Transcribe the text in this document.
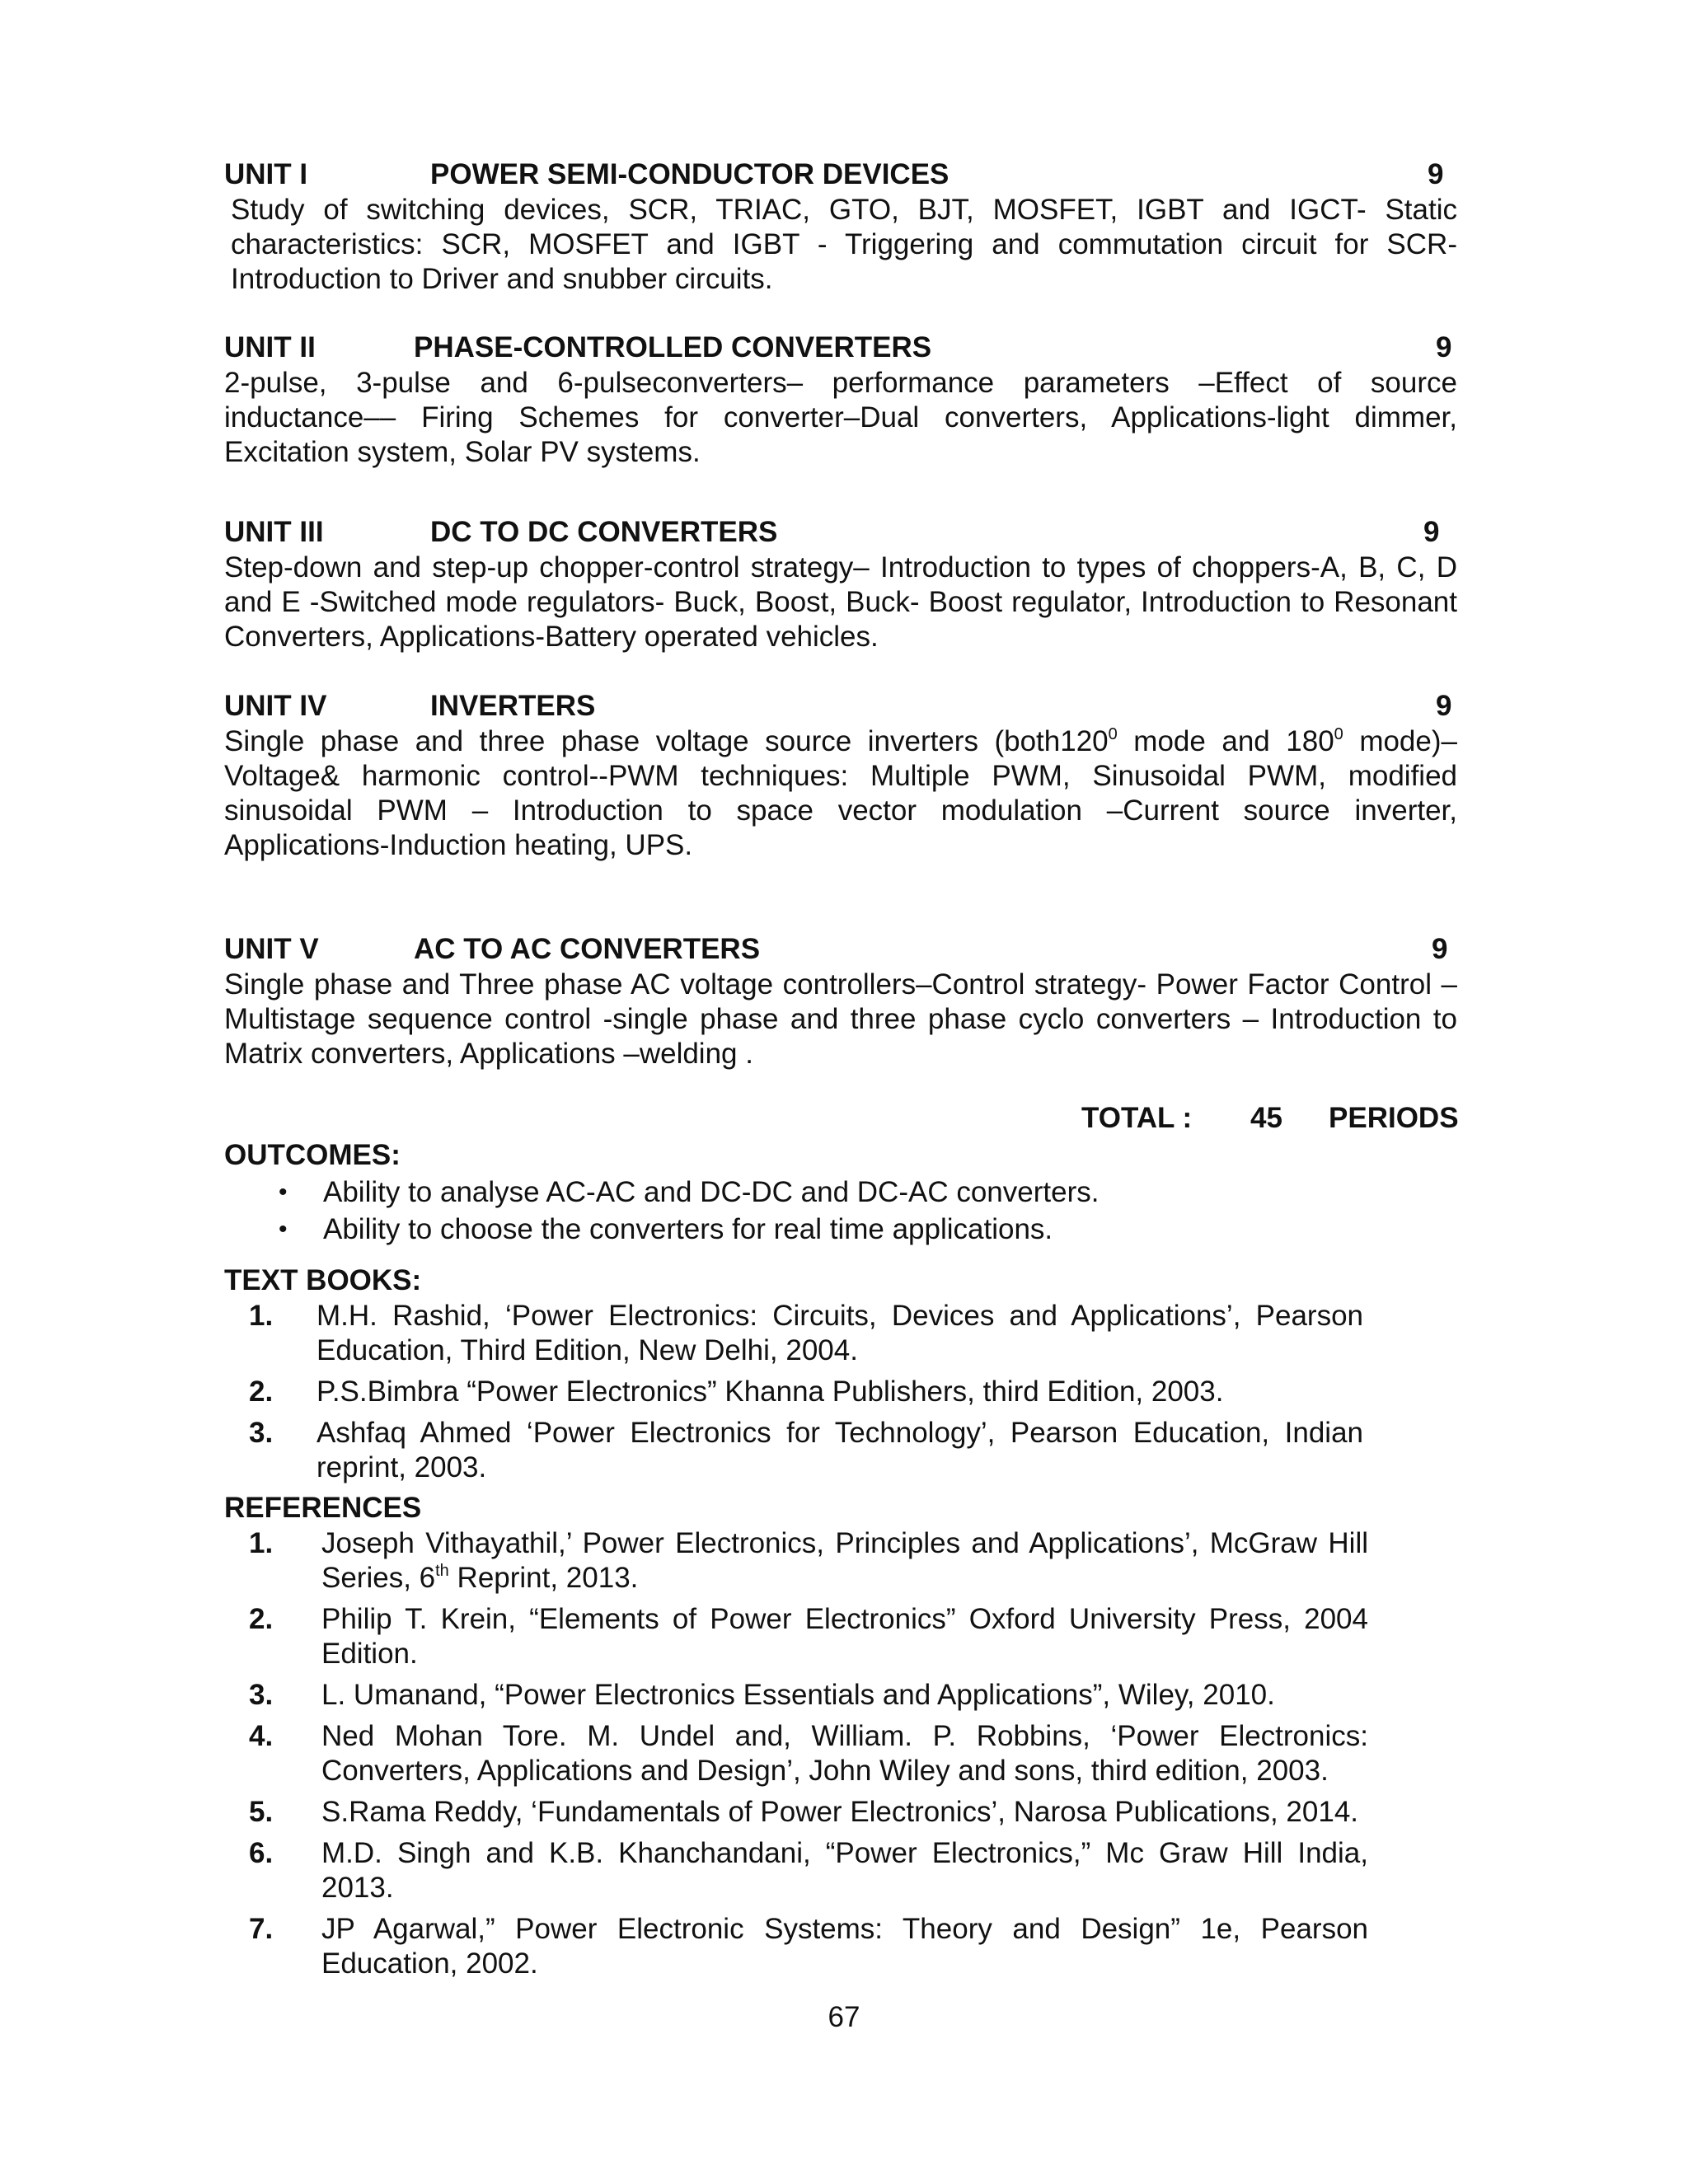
UNIT I	POWER SEMI-CONDUCTOR DEVICES	9
Study of switching devices, SCR, TRIAC, GTO, BJT, MOSFET, IGBT and IGCT- Static characteristics: SCR, MOSFET and IGBT - Triggering and commutation circuit for SCR- Introduction to Driver and snubber circuits.
UNIT II	PHASE-CONTROLLED CONVERTERS	9
2-pulse, 3-pulse and 6-pulseconverters– performance parameters –Effect of source inductance–– Firing Schemes for converter–Dual converters, Applications-light dimmer, Excitation system, Solar PV systems.
UNIT III	DC TO DC CONVERTERS	9
Step-down and step-up chopper-control strategy– Introduction to types of choppers-A, B, C, D and E -Switched mode regulators- Buck, Boost, Buck- Boost regulator, Introduction to Resonant Converters, Applications-Battery operated vehicles.
UNIT IV	INVERTERS	9
Single phase and three phase voltage source inverters ($both120^0$ mode and $180^0$ mode)– Voltage& harmonic control--PWM techniques: Multiple PWM, Sinusoidal PWM, modified sinusoidal PWM – Introduction to space vector modulation –Current source inverter, Applications-Induction heating, UPS.
UNIT V	AC TO AC CONVERTERS	9
Single phase and Three phase AC voltage controllers–Control strategy- Power Factor Control – Multistage sequence control -single phase and three phase cyclo converters – Introduction to Matrix converters, Applications –welding .
TOTAL : 45 PERIODS
OUTCOMES:
• Ability to analyse AC-AC and DC-DC and DC-AC converters.
• Ability to choose the converters for real time applications.
TEXT BOOKS:
1. M.H. Rashid, ‘Power Electronics: Circuits, Devices and Applications’, Pearson Education, Third Edition, New Delhi, 2004.
2. P.S.Bimbra “Power Electronics” Khanna Publishers, third Edition, 2003.
3. Ashfaq Ahmed ‘Power Electronics for Technology’, Pearson Education, Indian reprint, 2003.
REFERENCES
1. Joseph Vithayathil,’ Power Electronics, Principles and Applications’, McGraw Hill Series, 6th Reprint, 2013.
2. Philip T. Krein, “Elements of Power Electronics” Oxford University Press, 2004 Edition.
3. L. Umanand, “Power Electronics Essentials and Applications”, Wiley, 2010.
4. Ned Mohan Tore. M. Undel and, William. P. Robbins, ‘Power Electronics: Converters, Applications and Design’, John Wiley and sons, third edition, 2003.
5. S.Rama Reddy, ‘Fundamentals of Power Electronics’, Narosa Publications, 2014.
6. M.D. Singh and K.B. Khanchandani, “Power Electronics,” Mc Graw Hill India, 2013.
7. JP Agarwal,” Power Electronic Systems: Theory and Design” 1e, Pearson Education, 2002.
67
